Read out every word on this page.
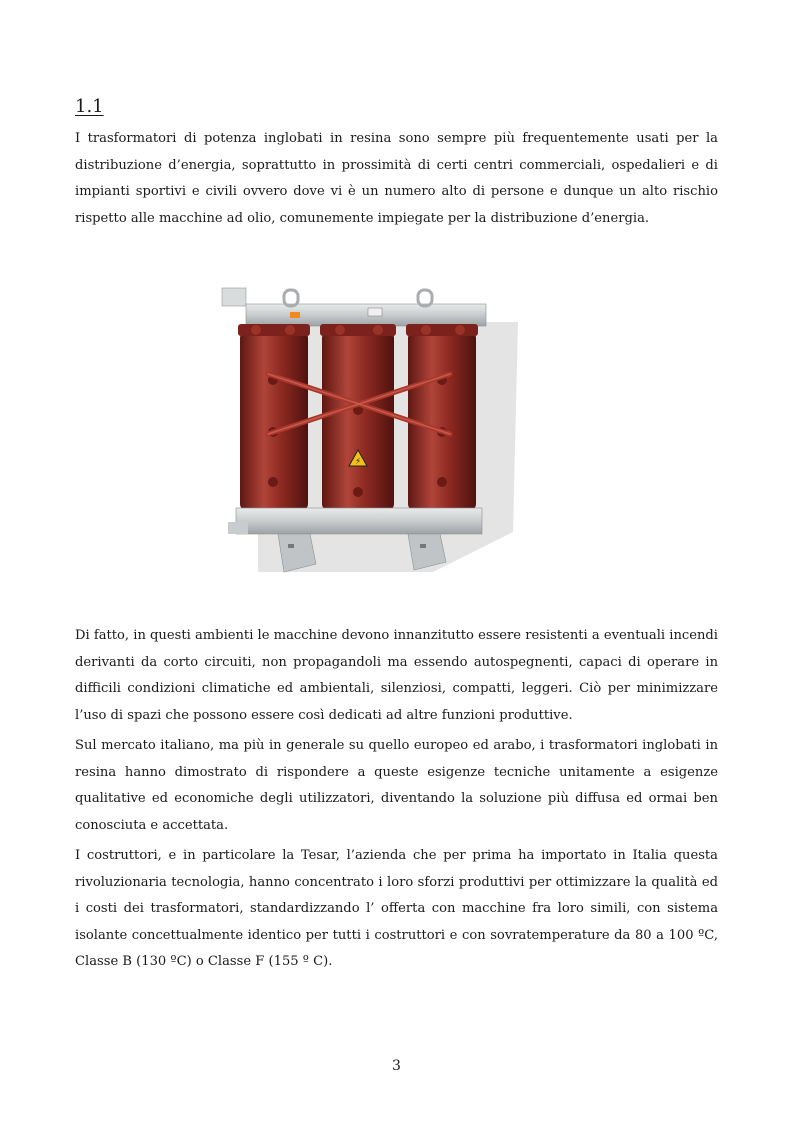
1.1

I trasformatori di potenza inglobati in resina sono sempre più frequentemente usati per la distribuzione d’energia, soprattutto in prossimità di certi centri commerciali, ospedalieri e di impianti sportivi e civili ovvero dove vi è un numero alto di persone e dunque un alto rischio rispetto alle macchine ad olio, comunemente impiegate per la distribuzione d’energia.

⚡

Di fatto, in questi ambienti le macchine devono innanzitutto essere resistenti a eventuali incendi derivanti da corto circuiti, non propagandoli ma essendo autospegnenti, capaci di operare in difficili condizioni climatiche ed ambientali, silenziosi, compatti, leggeri. Ciò per minimizzare l’uso di spazi che possono essere così dedicati ad altre funzioni produttive.

Sul mercato italiano, ma più in generale su quello europeo ed arabo, i trasformatori inglobati in resina hanno dimostrato di rispondere a queste esigenze tecniche unitamente a esigenze qualitative ed economiche degli utilizzatori, diventando la soluzione più diffusa ed ormai ben conosciuta e accettata.

I costruttori, e in particolare la Tesar, l’azienda che per prima ha importato in Italia questa rivoluzionaria tecnologia, hanno concentrato i loro sforzi produttivi per ottimizzare la qualità ed i costi dei trasformatori, standardizzando l’ offerta con macchine fra loro simili, con sistema isolante concettualmente identico per tutti i costruttori e con sovratemperature da 80 a 100 ºC, Classe B (130 ºC) o Classe F (155 º C).

3
